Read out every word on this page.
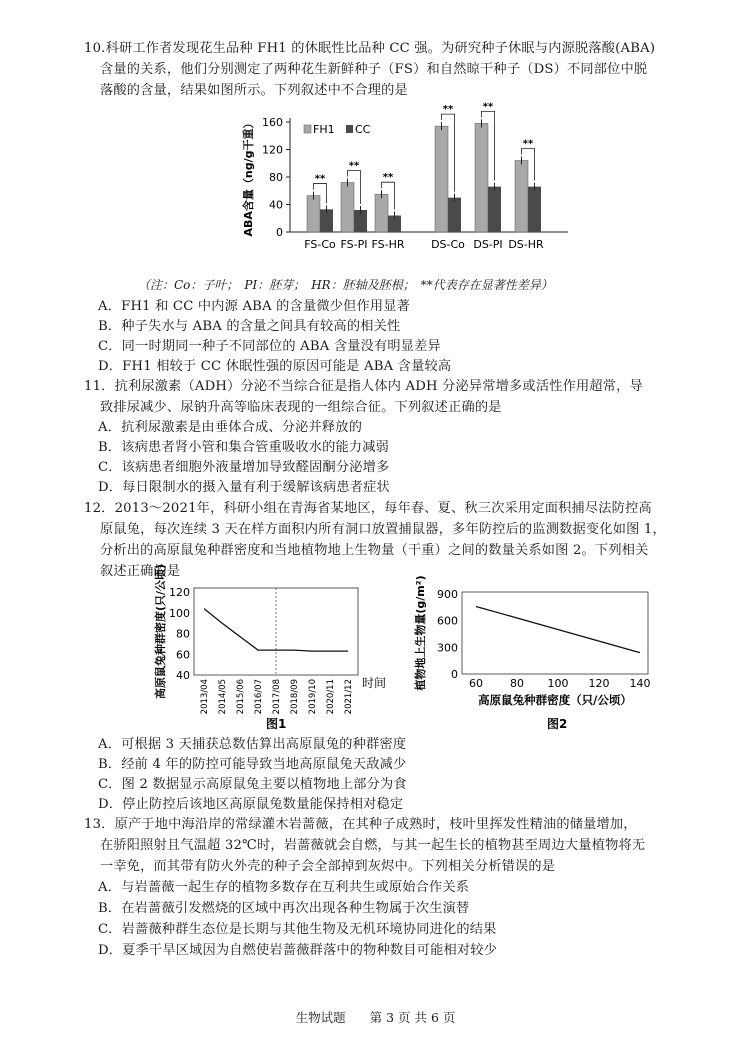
10.科研工作者发现花生品种 FH1 的休眠性比品种 CC 强。为研究种子休眠与内源脱落酸(ABA)
含量的关系，他们分别测定了两种花生新鲜种子（FS）和自然晾干种子（DS）不同部位中脱
落酸的含量，结果如图所示。下列叙述中不合理的是
0
40
80
120
160
ABA含量（ng/g干重）	**
FS-Co
**
FS-PI
**
FS-HR
**
DS-Co
**
DS-PI
**
DS-HR
FH1 CC
（注：Co：子叶；　PI：胚芽；　HR：胚轴及胚根；　**代表存在显著性差异）
A．FH1 和 CC 中内源 ABA 的含量微少但作用显著
B．种子失水与 ABA 的含量之间具有较高的相关性
C．同一时期同一种子不同部位的 ABA 含量没有明显差异
D．FH1 相较于 CC 休眠性强的原因可能是 ABA 含量较高
11．抗利尿激素（ADH）分泌不当综合征是指人体内 ADH 分泌异常增多或活性作用超常，导
致排尿减少、尿钠升高等临床表现的一组综合征。下列叙述正确的是
A．抗利尿激素是由垂体合成、分泌并释放的
B．该病患者肾小管和集合管重吸收水的能力减弱
C．该病患者细胞外液量增加导致醛固酮分泌增多
D．每日限制水的摄入量有利于缓解该病患者症状
12．2013～2021年，科研小组在青海省某地区，每年春、夏、秋三次采用定面积捕尽法防控高
原鼠兔，每次连续 3 天在样方面积内所有洞口放置捕鼠器，多年防控后的监测数据变化如图 1，
分析出的高原鼠兔种群密度和当地植物地上生物量（干重）之间的数量关系如图 2。下列相关
叙述正确的是
40
60
80
100
120
高原鼠兔种群密度(只/公顷)	2013/04 2014/05 2015/06 2016/07 2017/08 2018/09 2019/10 2020/11 2021/12 时间
图1
0
300
600
900
60 80 100 120 140
植物地上生物量(g/m²)
高原鼠兔种群密度（只/公顷）
图2
A．可根据 3 天捕获总数估算出高原鼠兔的种群密度
B．经前 4 年的防控可能导致当地高原鼠兔天敌减少
C．图 2 数据显示高原鼠兔主要以植物地上部分为食
D．停止防控后该地区高原鼠兔数量能保持相对稳定
13．原产于地中海沿岸的常绿灌木岩蔷薇，在其种子成熟时，枝叶里挥发性精油的储量增加，
在骄阳照射且气温超 32℃时，岩蔷薇就会自燃，与其一起生长的植物甚至周边大量植物将无
一幸免，而其带有防火外壳的种子会全部掉到灰烬中。下列相关分析错误的是
A．与岩蔷薇一起生存的植物多数存在互利共生或原始合作关系
B．在岩蔷薇引发燃烧的区域中再次出现各种生物属于次生演替
C．岩蔷薇种群生态位是长期与其他生物及无机环境协同进化的结果
D．夏季干旱区域因为自燃使岩蔷薇群落中的物种数目可能相对较少
生物试题 第 3 页 共 6 页
